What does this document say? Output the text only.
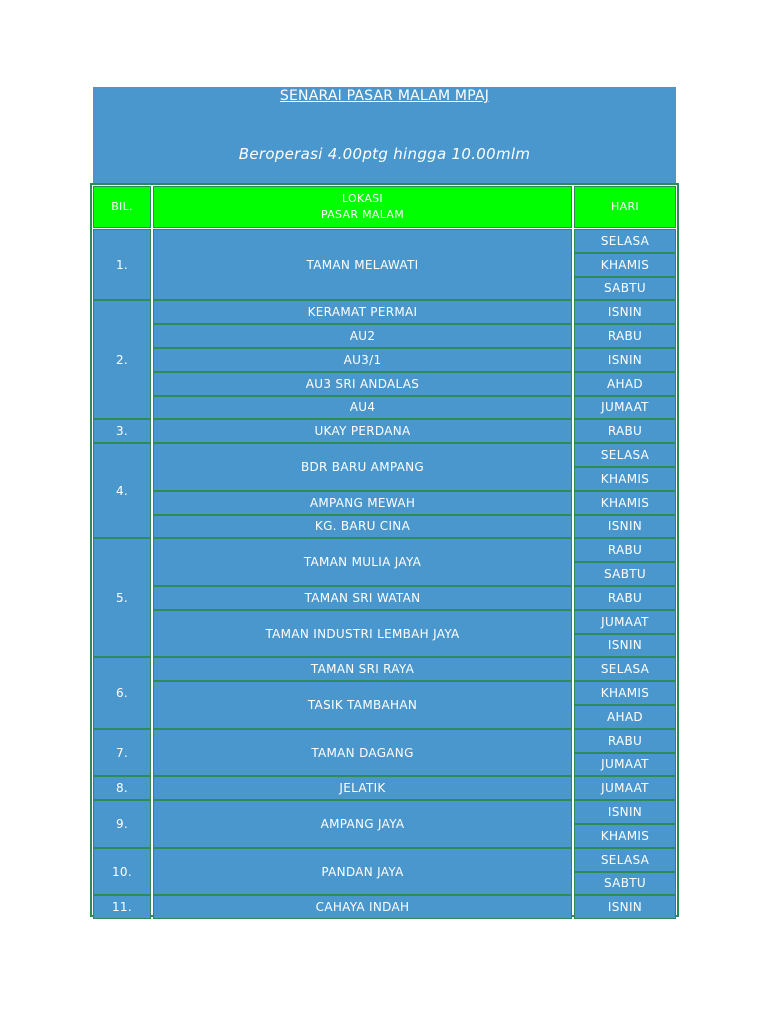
SENARAI PASAR MALAM MPAJ
Beroperasi 4.00ptg hingga 10.00mlm
BIL.
LOKASI
PASAR MALAM
HARI
SELASA
KHAMIS
SABTU
TAMAN MELAWATI
1.
ISNIN
KERAMAT PERMAI
RABU
AU2
ISNIN
AU3/1
AHAD
AU3 SRI ANDALAS
JUMAAT
AU4
2.
RABU
UKAY PERDANA
3.
SELASA
KHAMIS
BDR BARU AMPANG
KHAMIS
AMPANG MEWAH
ISNIN
KG. BARU CINA
4.
RABU
SABTU
TAMAN MULIA JAYA
RABU
TAMAN SRI WATAN
JUMAAT
ISNIN
TAMAN INDUSTRI LEMBAH JAYA
5.
SELASA
TAMAN SRI RAYA
KHAMIS
AHAD
TASIK TAMBAHAN
6.
RABU
JUMAAT
TAMAN DAGANG
7.
JUMAAT
JELATIK
8.
ISNIN
KHAMIS
AMPANG JAYA
9.
SELASA
SABTU
PANDAN JAYA
10.
ISNIN
CAHAYA INDAH
11.
